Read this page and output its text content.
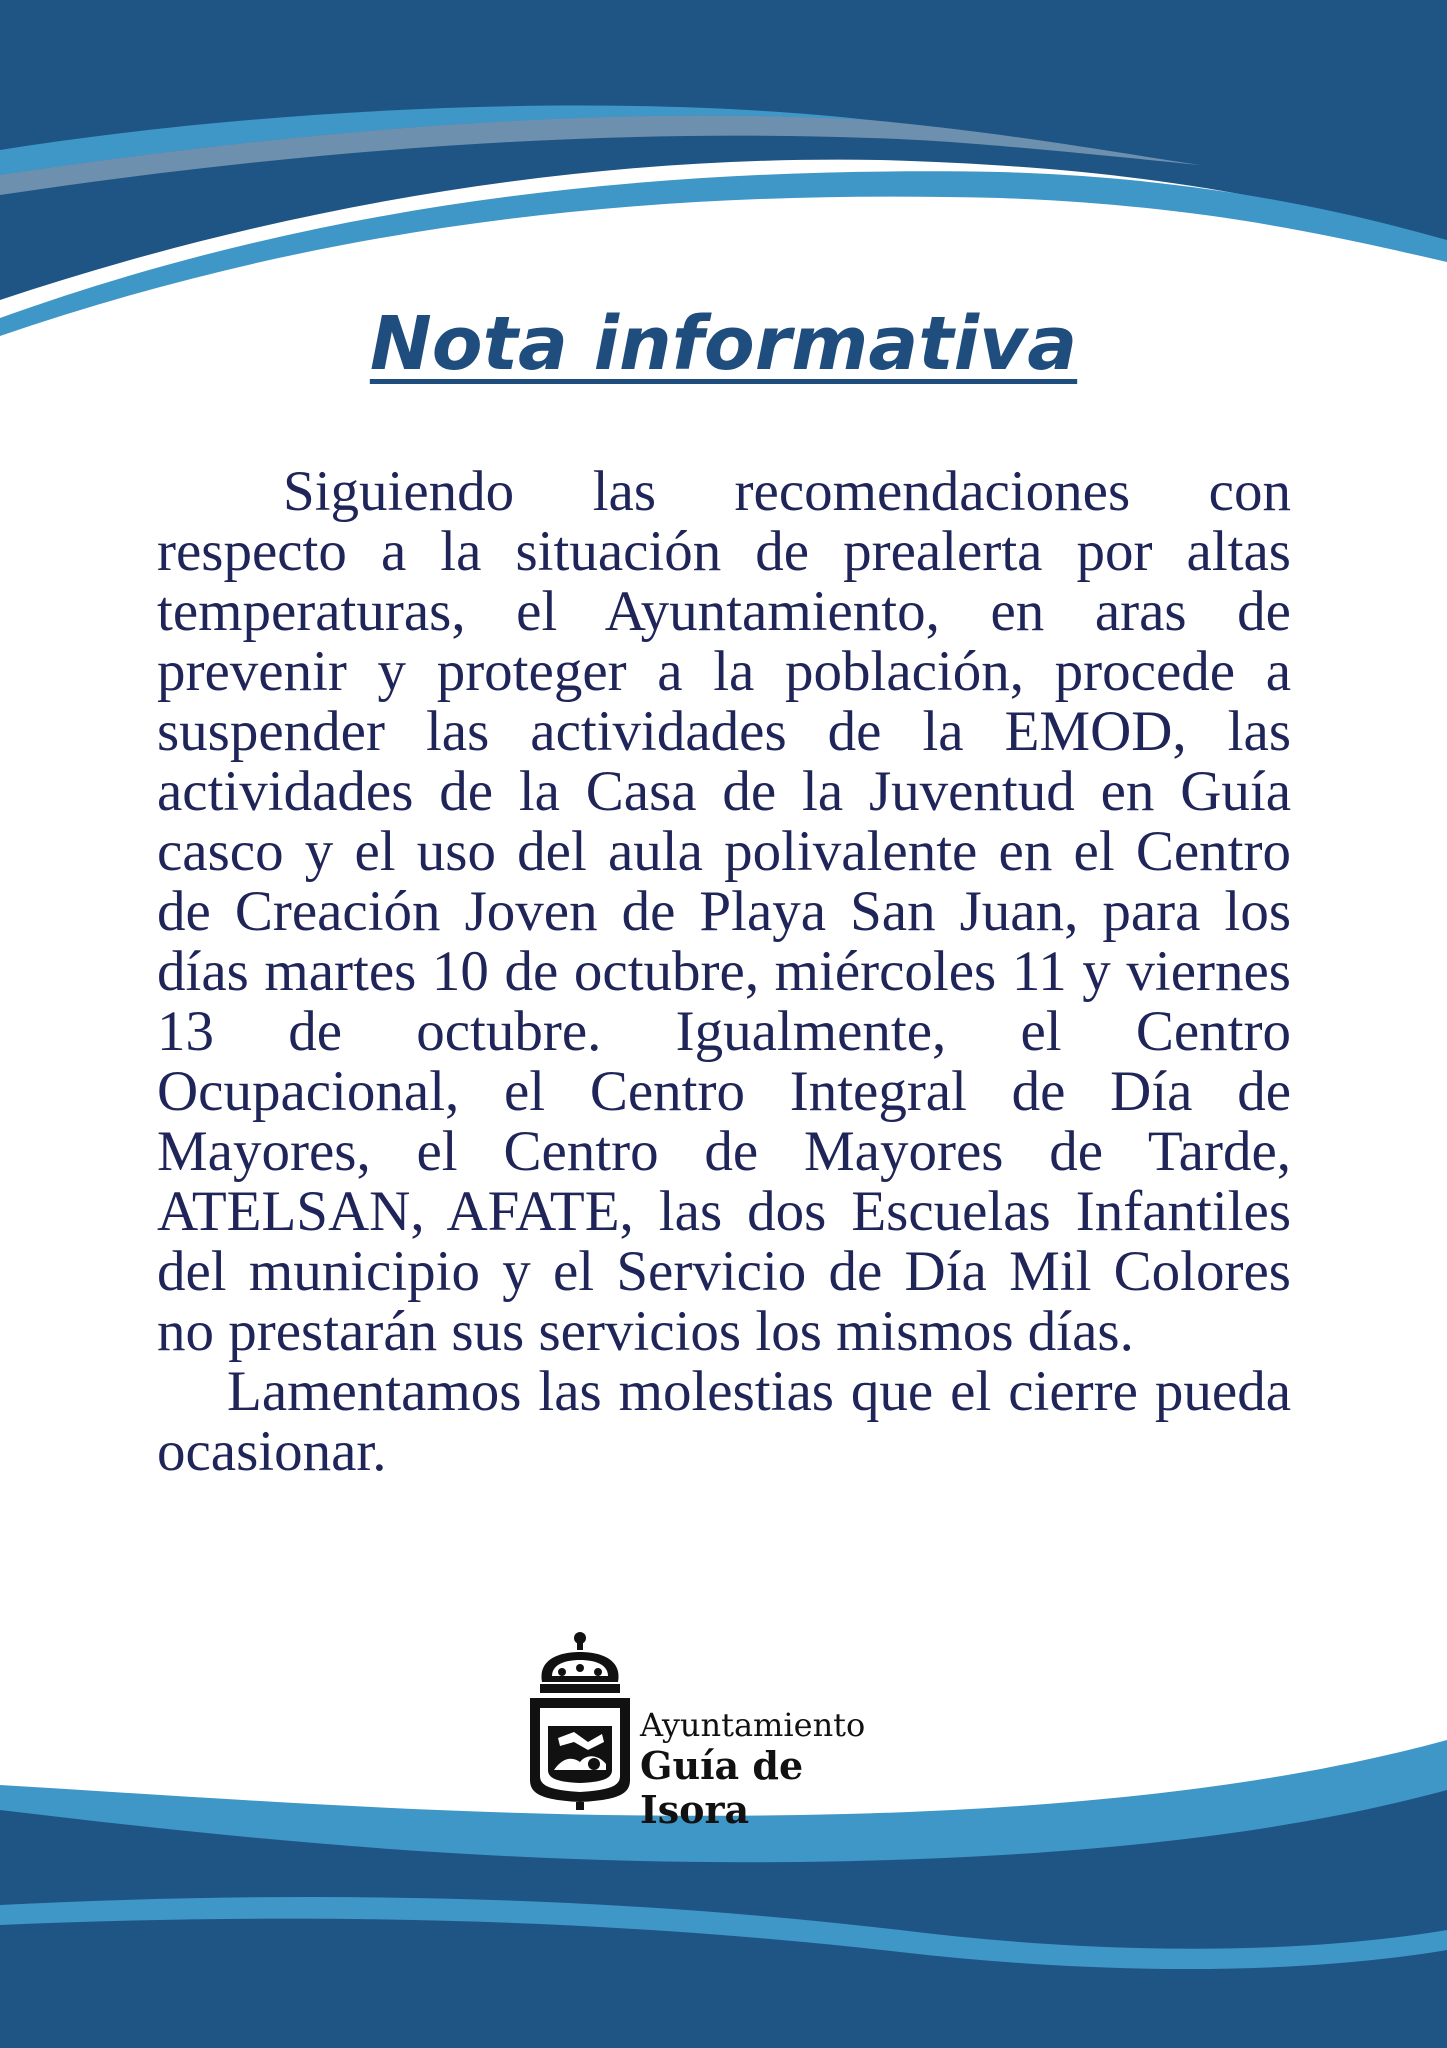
Nota informativa

Siguiendo las recomendaciones con respecto a la situación de prealerta por altas temperaturas, el Ayuntamiento, en aras de prevenir y proteger a la población, procede a suspender las actividades de la EMOD, las actividades de la Casa de la Juventud en Guía casco y el uso del aula polivalente en el Centro de Creación Joven de Playa San Juan, para los días martes 10 de octubre, miércoles 11 y viernes 13 de octubre. Igualmente, el Centro Ocupacional, el Centro Integral de Día de Mayores, el Centro de Mayores de Tarde, ATELSAN, AFATE, las dos Escuelas Infantiles del municipio y el Servicio de Día Mil Colores no prestarán sus servicios los mismos días.

Lamentamos las molestias que el cierre pueda ocasionar.

Ayuntamiento
Guía de Isora
